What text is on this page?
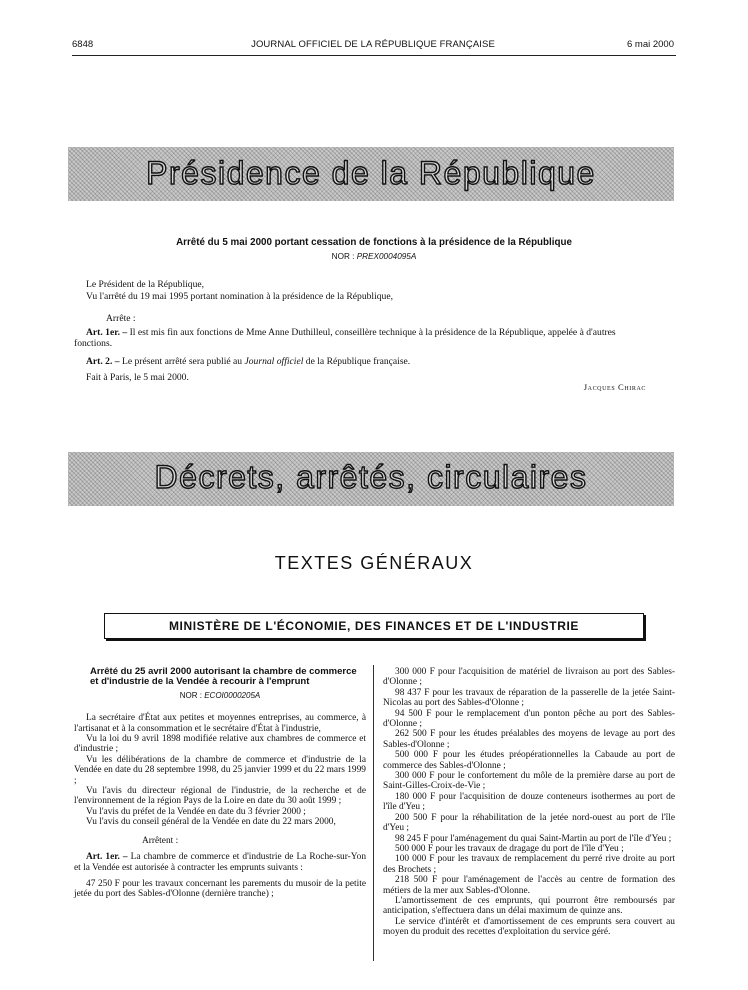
6848	JOURNAL OFFICIEL DE LA RÉPUBLIQUE FRANÇAISE	6 mai 2000
Présidence de la République
Arrêté du 5 mai 2000 portant cessation de fonctions à la présidence de la République
NOR : PREX0004095A
Le Président de la République,
Vu l'arrêté du 19 mai 1995 portant nomination à la présidence de la République,
Arrête :
Art. 1er. – Il est mis fin aux fonctions de Mme Anne Duthilleul, conseillère technique à la présidence de la République, appelée à d'autres
fonctions.
Art. 2. – Le présent arrêté sera publié au Journal officiel de la République française.
Fait à Paris, le 5 mai 2000.
Jacques Chirac
Décrets, arrêtés, circulaires
TEXTES GÉNÉRAUX
MINISTÈRE DE L'ÉCONOMIE, DES FINANCES ET DE L'INDUSTRIE
Arrêté du 25 avril 2000 autorisant la chambre de commerce et d'industrie de la Vendée à recourir à l'emprunt
NOR : ECOI0000205A

La secrétaire d'État aux petites et moyennes entreprises, au commerce, à l'artisanat et à la consommation et le secrétaire d'État à l'industrie,

Vu la loi du 9 avril 1898 modifiée relative aux chambres de commerce et d'industrie ;

Vu les délibérations de la chambre de commerce et d'industrie de la Vendée en date du 28 septembre 1998, du 25 janvier 1999 et du 22 mars 1999 ;

Vu l'avis du directeur régional de l'industrie, de la recherche et de l'environnement de la région Pays de la Loire en date du 30 août 1999 ;

Vu l'avis du préfet de la Vendée en date du 3 février 2000 ;

Vu l'avis du conseil général de la Vendée en date du 22 mars 2000,

Arrêtent :

Art. 1er. – La chambre de commerce et d'industrie de La Roche-sur-Yon et la Vendée est autorisée à contracter les emprunts suivants :

47 250 F pour les travaux concernant les parements du musoir de la petite jetée du port des Sables-d'Olonne (dernière tranche) ;

300 000 F pour l'acquisition de matériel de livraison au port des Sables-d'Olonne ;

98 437 F pour les travaux de réparation de la passerelle de la jetée Saint-Nicolas au port des Sables-d'Olonne ;

94 500 F pour le remplacement d'un ponton pêche au port des Sables-d'Olonne ;

262 500 F pour les études préalables des moyens de levage au port des Sables-d'Olonne ;

500 000 F pour les études préopérationnelles la Cabaude au port de commerce des Sables-d'Olonne ;

300 000 F pour le confortement du môle de la première darse au port de Saint-Gilles-Croix-de-Vie ;

180 000 F pour l'acquisition de douze conteneurs isothermes au port de l'île d'Yeu ;

200 500 F pour la réhabilitation de la jetée nord-ouest au port de l'île d'Yeu ;

98 245 F pour l'aménagement du quai Saint-Martin au port de l'île d'Yeu ;

500 000 F pour les travaux de dragage du port de l'île d'Yeu ;

100 000 F pour les travaux de remplacement du perré rive droite au port des Brochets ;

218 500 F pour l'aménagement de l'accès au centre de formation des métiers de la mer aux Sables-d'Olonne.

L'amortissement de ces emprunts, qui pourront être remboursés par anticipation, s'effectuera dans un délai maximum de quinze ans.

Le service d'intérêt et d'amortissement de ces emprunts sera couvert au moyen du produit des recettes d'exploitation du service géré.
